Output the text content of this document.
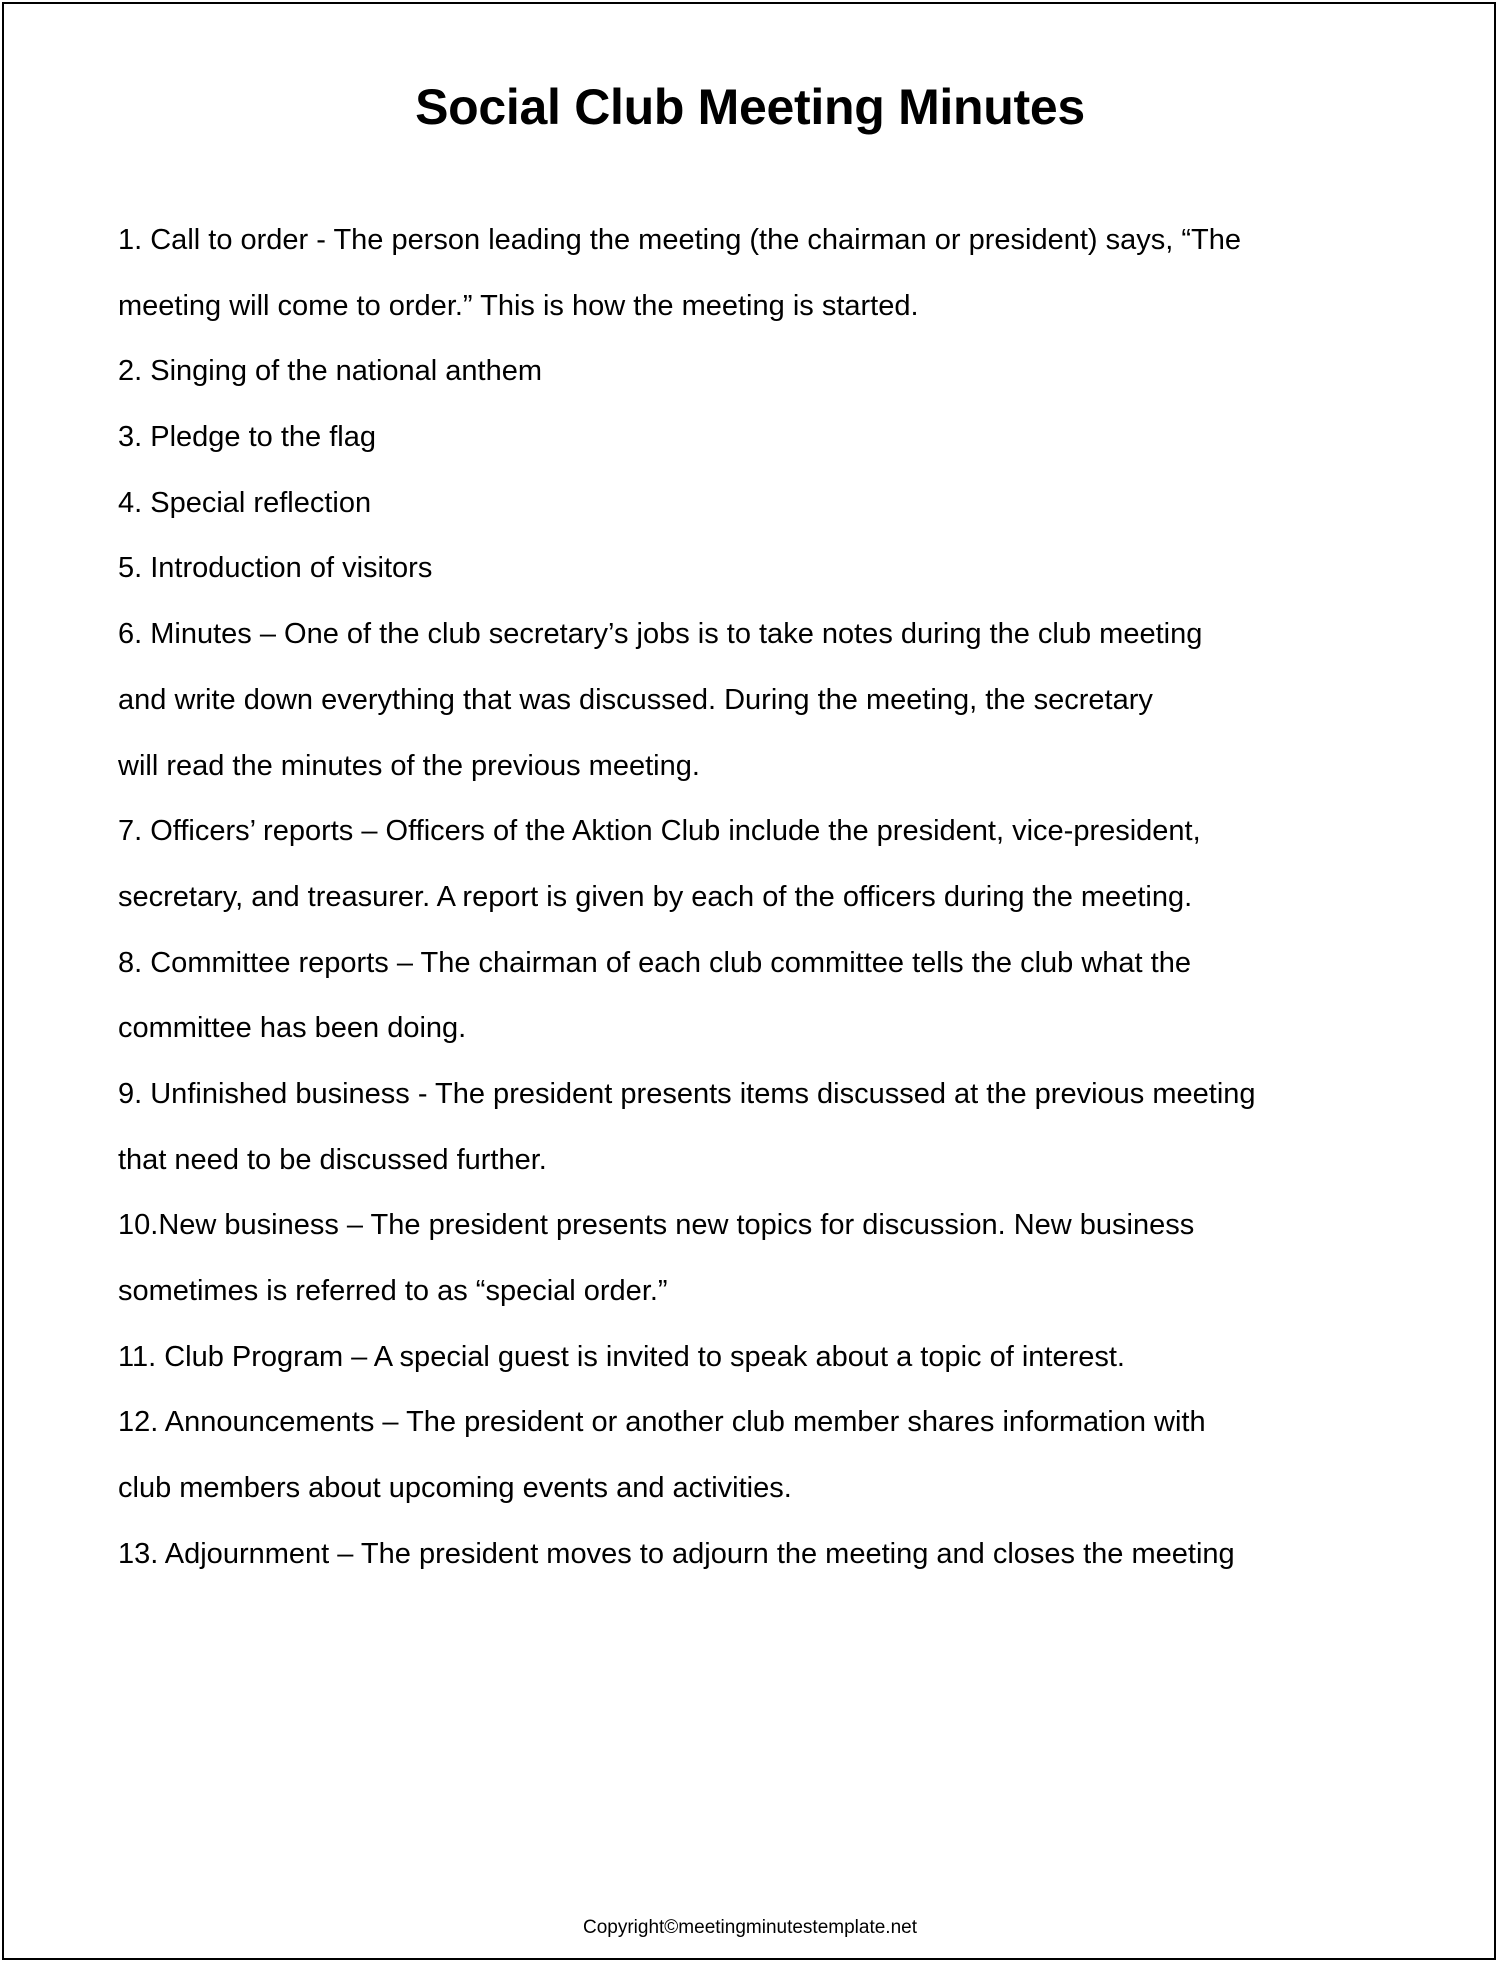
Social Club Meeting Minutes
1. Call to order - The person leading the meeting (the chairman or president) says, “The
meeting will come to order.” This is how the meeting is started.
2. Singing of the national anthem
3. Pledge to the flag
4. Special reflection
5. Introduction of visitors
6. Minutes – One of the club secretary’s jobs is to take notes during the club meeting
and write down everything that was discussed. During the meeting, the secretary
will read the minutes of the previous meeting.
7. Officers’ reports – Officers of the Aktion Club include the president, vice-president,
secretary, and treasurer. A report is given by each of the officers during the meeting.
8. Committee reports – The chairman of each club committee tells the club what the
committee has been doing.
9. Unfinished business - The president presents items discussed at the previous meeting
that need to be discussed further.
10.New business – The president presents new topics for discussion. New business
sometimes is referred to as “special order.”
11. Club Program – A special guest is invited to speak about a topic of interest.
12. Announcements – The president or another club member shares information with
club members about upcoming events and activities.
13. Adjournment – The president moves to adjourn the meeting and closes the meeting
Copyright©meetingminutestemplate.net
